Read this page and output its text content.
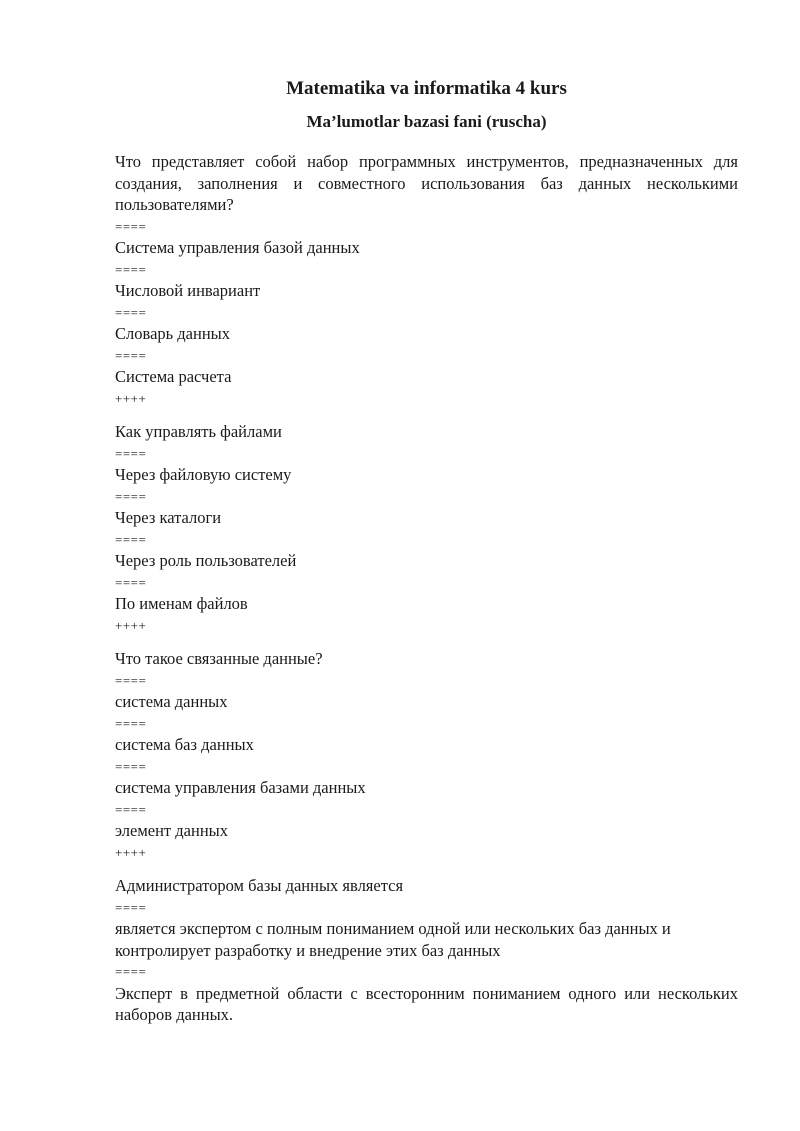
Matematika va informatika 4 kurs
Ma’lumotlar bazasi fani (ruscha)

Что представляет собой набор программных инструментов, предназначенных для создания, заполнения и совместного использования баз данных несколькими пользователями?

====

Система управления базой данных

====

Числовой инвариант

====

Словарь данных

====

Система расчета

++++

Как управлять файлами

====

Через файловую систему

====

Через каталоги

====

Через роль пользователей

====

По именам файлов

++++

Что такое связанные данные?

====

система данных

====

система баз данных

====

система управления базами данных

====

элемент данных

++++

Администратором базы данных является

====

является экспертом с полным пониманием одной или нескольких баз данных и контролирует разработку и внедрение этих баз данных

====

Эксперт в предметной области с всесторонним пониманием одного или нескольких наборов данных.
